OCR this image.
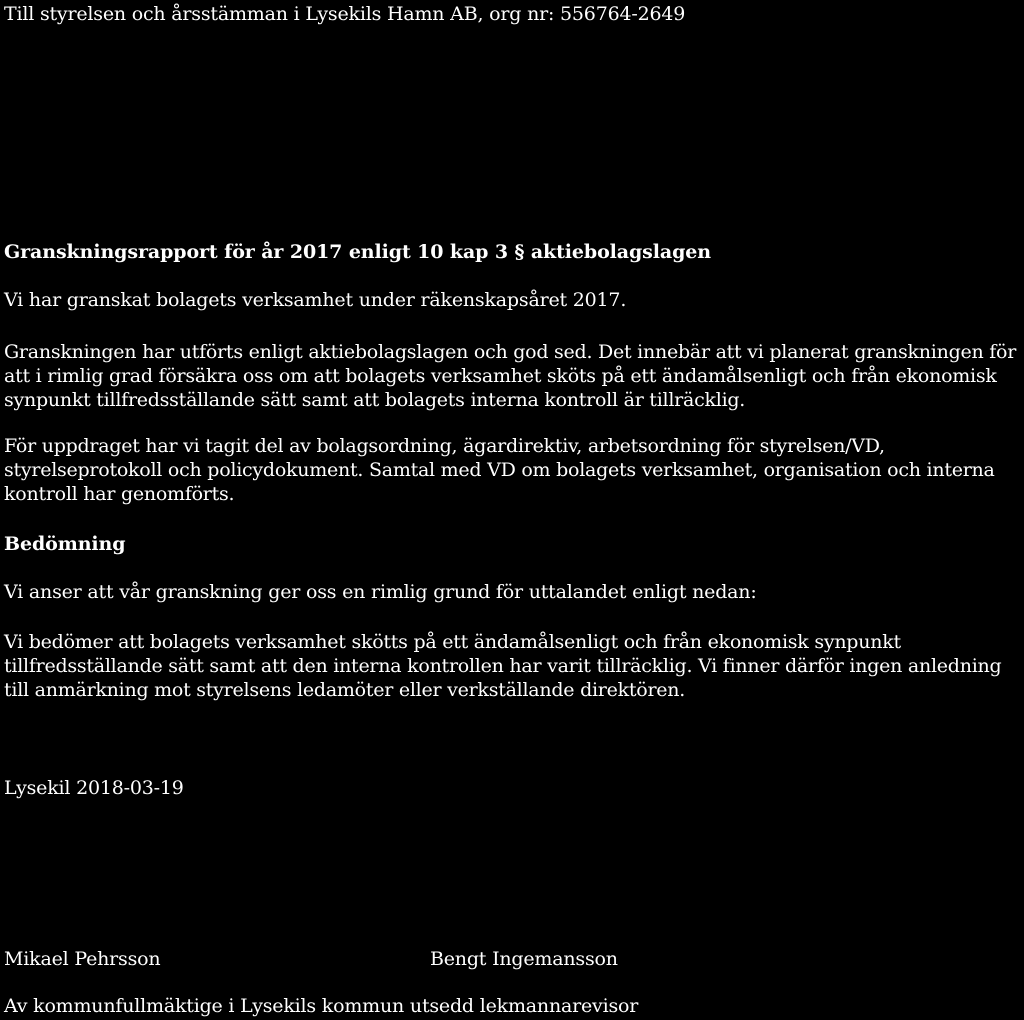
Till styrelsen och årsstämman i Lysekils Hamn AB, org nr: 556764-2649
Granskningsrapport för år 2017 enligt 10 kap 3 § aktiebolagslagen
Vi har granskat bolagets verksamhet under räkenskapsåret 2017.
Granskningen har utförts enligt aktiebolagslagen och god sed. Det innebär att vi planerat granskningen för
att i rimlig grad försäkra oss om att bolagets verksamhet sköts på ett ändamålsenligt och från ekonomisk
synpunkt tillfredsställande sätt samt att bolagets interna kontroll är tillräcklig.
För uppdraget har vi tagit del av bolagsordning, ägardirektiv, arbetsordning för styrelsen/VD,
styrelseprotokoll och policydokument. Samtal med VD om bolagets verksamhet, organisation och interna
kontroll har genomförts.
Bedömning
Vi anser att vår granskning ger oss en rimlig grund för uttalandet enligt nedan:
Vi bedömer att bolagets verksamhet skötts på ett ändamålsenligt och från ekonomisk synpunkt
tillfredsställande sätt samt att den interna kontrollen har varit tillräcklig. Vi finner därför ingen anledning
till anmärkning mot styrelsens ledamöter eller verkställande direktören.
Lysekil 2018-03-19
Mikael Pehrsson	Bengt Ingemansson
Av kommunfullmäktige i Lysekils kommun utsedd lekmannarevisor
